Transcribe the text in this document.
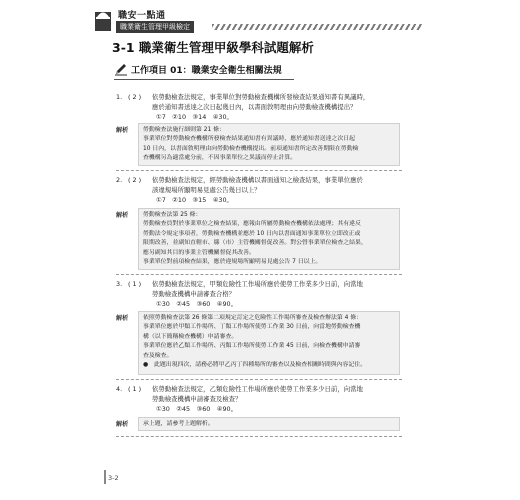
職安一點通
職業衛生管理甲級檢定
3-1 職業衛生管理甲級學科試題解析
工作項目 01：職業安全衛生相關法規
1. ( 2 ) 依勞動檢查法規定，事業單位對勞動檢查機構所發檢查結果通知書有異議時，
應於通知書送達之次日起幾日內，以書面敘明理由向勞動檢查機構提出？
①7　②10　③14　④30。
解析	勞動檢查法施行細則第 21 條：
事業單位對勞動檢查機構所發檢查結果通知書有異議時，應於通知書送達之次日起
10 日內，以書面敘明理由向勞動檢查機構提出。前項通知書所定改善期限在勞動檢
查機構另為適當處分前，不因事業單位之異議而停止計算。
2. ( 2 ) 依勞動檢查法規定，經勞動檢查機構以書面通知之檢查結果，事業單位應於
該違規場所顯明易見處公告幾日以上？
①7　②10　③15　④30。
解析	勞動檢查法第 25 條：
勞動檢查員對於事業單位之檢查結果，應報由所屬勞動檢查機構依法處理；其有違反
勞動法令規定事項者，勞動檢查機構並應於 10 日內以書面通知事業單位立即改正或
限期改善，並副知直轄市、縣（市）主管機關督促改善。對公營事業單位檢查之結果，
應另副知其目的事業主管機關督促其改善。
事業單位對前項檢查結果，應於違規場所顯明易見處公告 7 日以上。
3. ( 1 ) 依勞動檢查法規定，甲類危險性工作場所應於使勞工作業多少日前，向當地
勞動檢查機構申請審查合格？
①30　②45　③60　④90。
解析	依照勞動檢查法第 26 條第二項規定訂定之危險性工作場所審查及檢查辦法第 4 條：
事業單位應於甲類工作場所、丁類工作場所使勞工作業 30 日前，向當地勞動檢查機
構（以下簡稱檢查機構）申請審查。
事業單位應於乙類工作場所、丙類工作場所使勞工作業 45 日前，向檢查機構申請審
查及檢查。
●　此題出現四次，請務必將甲乙丙丁四種場所的審查以及檢查相關時間與內容記住。
4. ( 1 ) 依勞動檢查法規定，乙類危險性工作場所應於使勞工作業多少日前，向當地
勞動檢查機構申請審查及檢查？
①30　②45　③60　④90。
解析	承上題，請參考上題解析。
3-2
